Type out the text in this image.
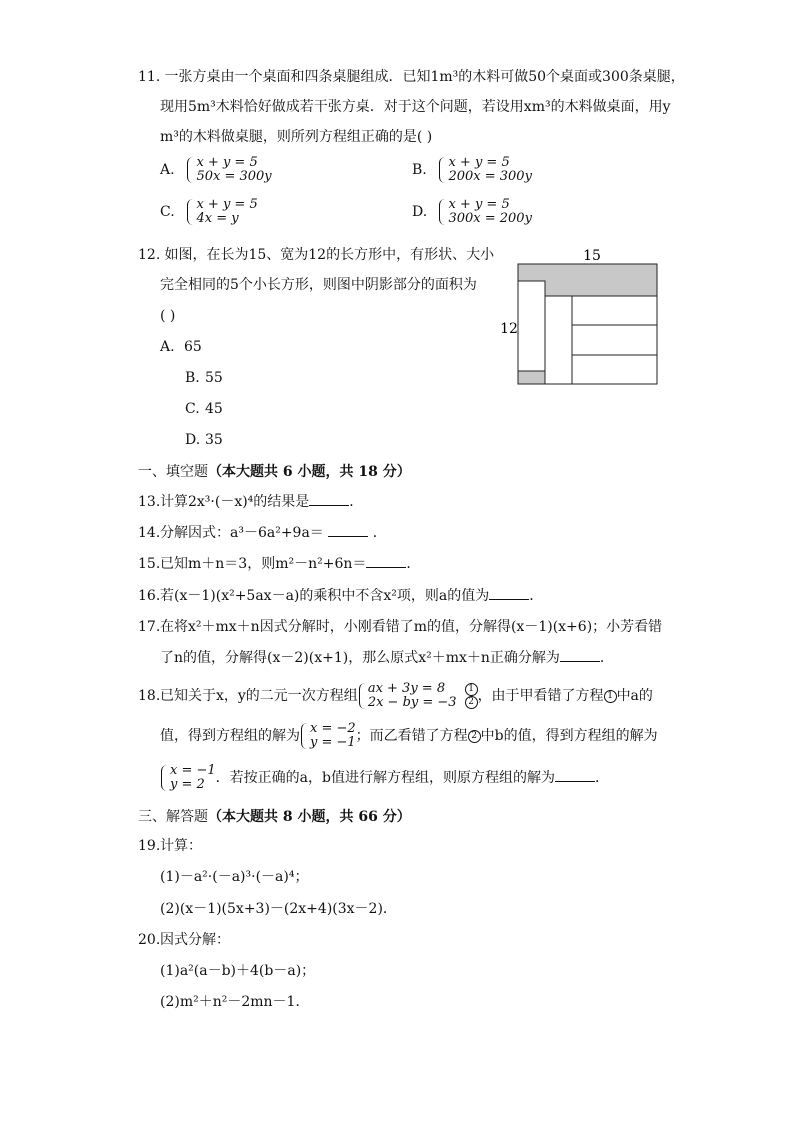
11. 一张方桌由一个桌面和四条桌腿组成．已知1m³的木料可做50个桌面或300条桌腿，
现用5m³木料恰好做成若干张方桌．对于这个问题，若设用xm³的木料做桌面，用y
m³的木料做桌腿，则所列方程组正确的是( )
A. x + y = 5
50x = 300y	B. x + y = 5
200x = 300y
C. x + y = 5
4x = y	D. x + y = 5
300x = 200y
12. 如图，在长为15、宽为12的长方形中，有形状、大小
完全相同的5个小长方形，则图中阴影部分的面积为
( )
A. 65
B. 55
C. 45
D. 35
15
12
一、填空题（本大题共 6 小题，共 18 分）
13.计算2x³·(－x)⁴的结果是	．
14.分解因式：a³－6a²+9a＝	．
15.已知m＋n＝3，则m²－n²+6n＝	．
16.若(x－1)(x²+5ax－a)的乘积中不含x²项，则a的值为	．
17.在将x²＋mx＋n因式分解时，小刚看错了m的值，分解得(x－1)(x+6)；小芳看错
了n的值，分解得(x－2)(x+1)，那么原式x²＋mx＋n正确分解为	．
18.已知关于x，y的二元一次方程组 ax + 3y = 8
2x − by = $-3 \frac{1}{2}$ ，由于甲看错了方程 1 中a的
值，得到方程组的解为 x = −2
y = −1 ；而乙看错了方程 2 中b的值，得到方程组的解为
x = −1
y = 2 ．若按正确的a，b值进行解方程组，则原方程组的解为	．
三、解答题（本大题共 8 小题，共 66 分）
19.计算：
(1)－a²·(－a)³·(－a)⁴；
(2)(x－1)(5x+3)－(2x+4)(3x－2)．
20.因式分解：
(1)a²(a－b)＋4(b－a)；
(2)m²＋n²－2mn－1．
